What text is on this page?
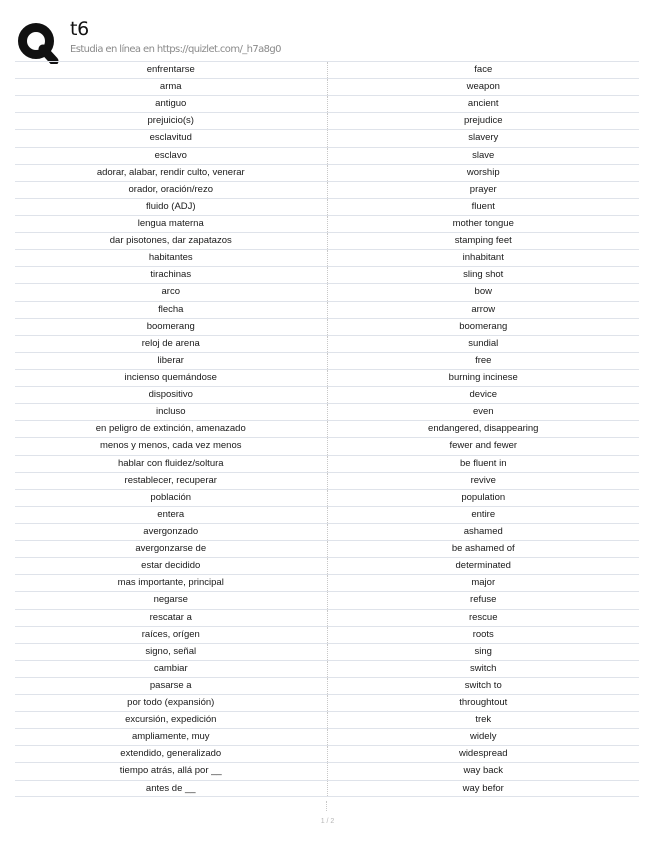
t6
Estudia en línea en https://quizlet.com/_h7a8g0
enfrentarse	face
arma	weapon
antiguo	ancient
prejuicio(s)	prejudice
esclavitud	slavery
esclavo	slave
adorar, alabar, rendir culto, venerar	worship
orador, oración/rezo	prayer
fluido (ADJ)	fluent
lengua materna	mother tongue
dar pisotones, dar zapatazos	stamping feet
habitantes	inhabitant
tirachinas	sling shot
arco	bow
flecha	arrow
boomerang	boomerang
reloj de arena	sundial
liberar	free
incienso quemándose	burning incinese
dispositivo	device
incluso	even
en peligro de extinción, amenazado	endangered, disappearing
menos y menos, cada vez menos	fewer and fewer
hablar con fluidez/soltura	be fluent in
restablecer, recuperar	revive
población	population
entera	entire
avergonzado	ashamed
avergonzarse de	be ashamed of
estar decidido	determinated
mas importante, principal	major
negarse	refuse
rescatar a	rescue
raíces, orígen	roots
signo, señal	sing
cambiar	switch
pasarse a	switch to
por todo (expansión)	throughtout
excursión, expedición	trek
ampliamente, muy	widely
extendido, generalizado	widespread
tiempo atrás, allá por __	way back
antes de __	way befor
1 / 2
